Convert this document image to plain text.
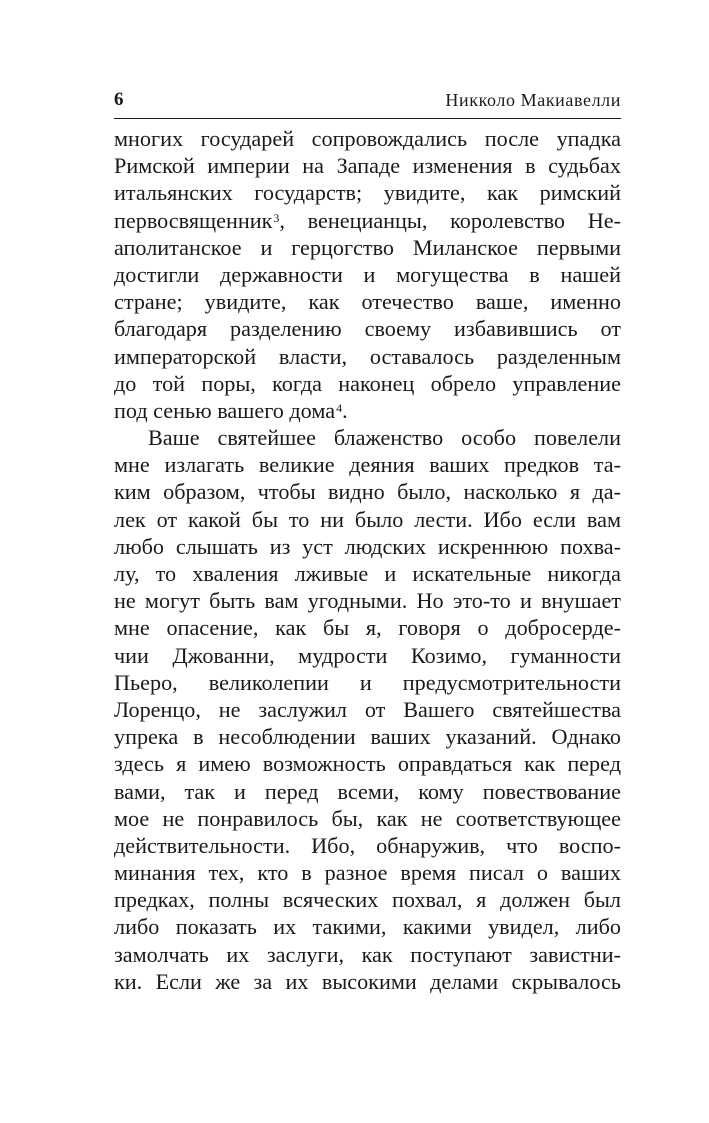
6	Никколо Макиавелли
многих государей сопровождались после упадка
Римской империи на Западе изменения в судьбах
итальянских государств; увидите, как римский
первосвященник$^3$, венецианцы, королевство Не-
аполитанское и герцогство Миланское первыми
достигли державности и могущества в нашей
стране; увидите, как отечество ваше, именно
благодаря разделению своему избавившись от
императорской власти, оставалось разделенным
до той поры, когда наконец обрело управление
под сенью вашего дома$^4$.
Ваше святейшее блаженство особо повелели
мне излагать великие деяния ваших предков та-
ким образом, чтобы видно было, насколько я да-
лек от какой бы то ни было лести. Ибо если вам
любо слышать из уст людских искреннюю похва-
лу, то хваления лживые и искательные никогда
не могут быть вам угодными. Но это-то и внушает
мне опасение, как бы я, говоря о добросерде-
чии Джованни, мудрости Козимо, гуманности
Пьеро, великолепии и предусмотрительности
Лоренцо, не заслужил от Вашего святейшества
упрека в несоблюдении ваших указаний. Однако
здесь я имею возможность оправдаться как перед
вами, так и перед всеми, кому повествование
мое не понравилось бы, как не соответствующее
действительности. Ибо, обнаружив, что воспо-
минания тех, кто в разное время писал о ваших
предках, полны всяческих похвал, я должен был
либо показать их такими, какими увидел, либо
замолчать их заслуги, как поступают завистни-
ки. Если же за их высокими делами скрывалось
